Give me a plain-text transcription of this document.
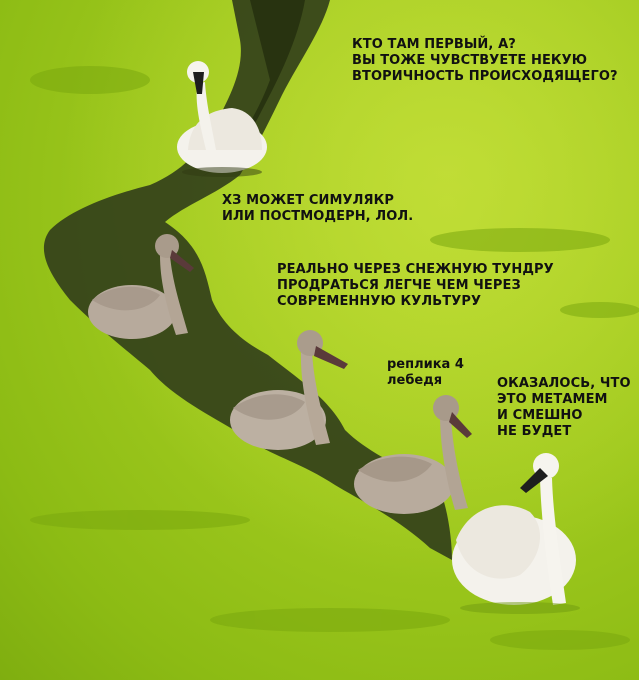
КТО ТАМ ПЕРВЫЙ, А?
ВЫ ТОЖЕ ЧУВСТВУЕТЕ НЕКУЮ
ВТОРИЧНОСТЬ ПРОИСХОДЯЩЕГО?
ХЗ МОЖЕТ СИМУЛЯКР
ИЛИ ПОСТМОДЕРН, ЛОЛ.
РЕАЛЬНО ЧЕРЕЗ СНЕЖНУЮ ТУНДРУ
ПРОДРАТЬСЯ ЛЕГЧЕ ЧЕМ ЧЕРЕЗ
СОВРЕМЕННУЮ КУЛЬТУРУ
реплика 4
лебедя	ОКАЗАЛОСЬ, ЧТО
ЭТО МЕТАМЕМ
И СМЕШНО
НЕ БУДЕТ
